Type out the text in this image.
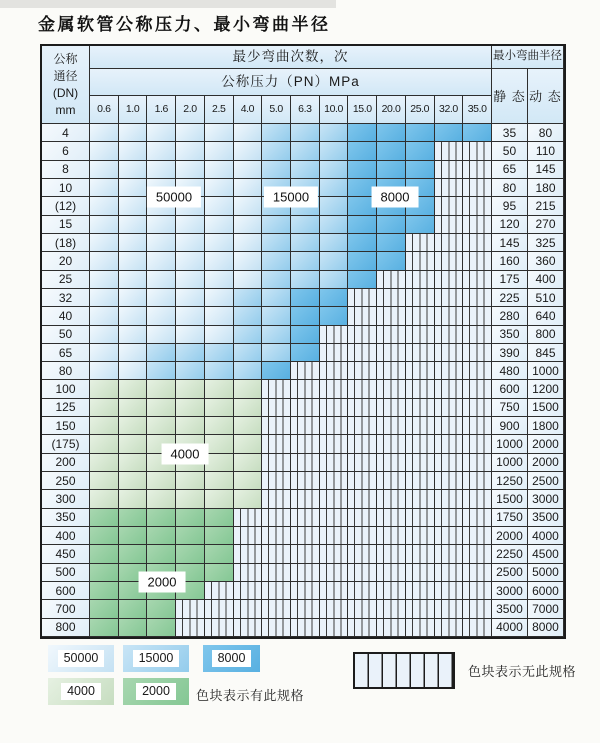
金属软管公称压力、最小弯曲半径
公称
通径
(DN)
mm
最少弯曲次数，次	最小弯曲半径
公称压力（PN）MPa
静 态 动 态
0.6	1.0	1.6	2.0	2.5	4.0	5.0	6.3	10.0 15.0 20.0 25.0 32.0 35.0
4	35	80
6	50	110
8	65	145
10	80	180
(12)	95	215
15	120	270
(18)	145	325
20	160	360
25	175	400
32	225	510
40	280	640
50	350	800
65	390	845
80	480	1000
100	600	1200
125	750	1500
150	900	1800
(175)	1000 2000
200	1000 2000
250	1250 2500
300	1500 3000
350	1750 3500
400	2000 4000
450	2250 4500
500	2500 5000
600	3000 6000
700	3500 7000
800	4000 8000
50000	15000	8000
4000
2000
色块表示有此规格
色块表示无此规格
50000	15000	8000
4000	2000
